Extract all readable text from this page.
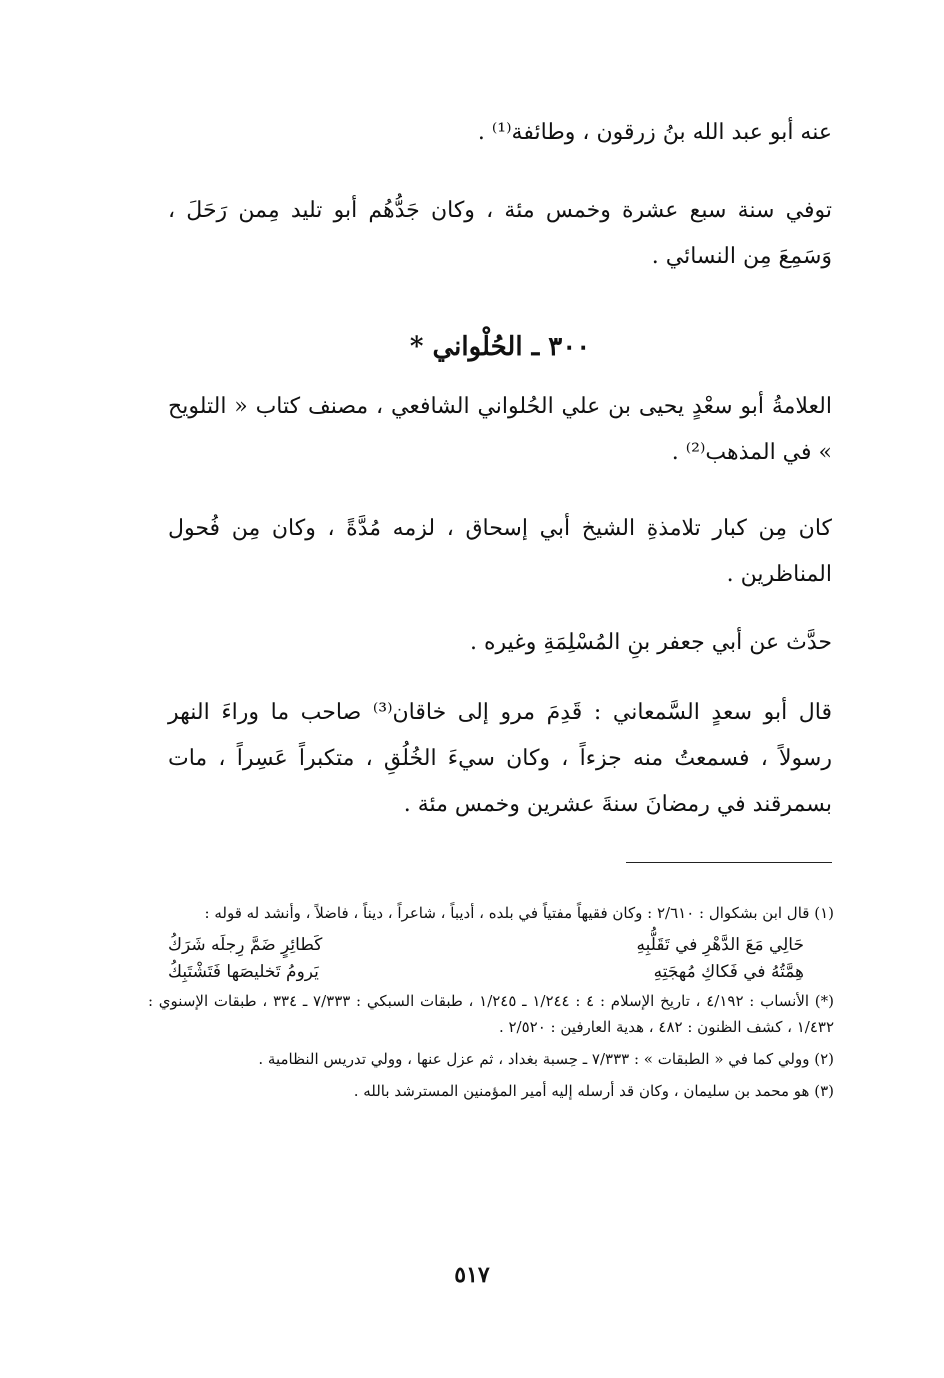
عنه أبو عبد الله بنُ زرقون ، وطائفة⁽¹⁾ .

توفي سنة سبع عشرة وخمس مئة ، وكان جَدُّهُم أبو تليد مِمن رَحَلَ ، وَسَمِعَ مِن النسائي .

٣٠٠ ـ الحُلْواني *

العلامةُ أبو سعْدٍ يحيى بن علي الحُلواني الشافعي ، مصنف كتاب « التلويح » في المذهب⁽²⁾ .

كان مِن كبار تلامذةِ الشيخ أبي إسحاق ، لزمه مُدَّةً ، وكان مِن فُحول المناظرين .

حدَّث عن أبي جعفر بنِ المُسْلِمَةِ وغيره .

قال أبو سعدٍ السَّمعاني : قَدِمَ مرو إلى خاقان⁽³⁾ صاحب ما وراءَ النهر رسولاً ، فسمعتُ منه جزءاً ، وكان سيءَ الخُلُقِ ، متكبراً عَسِراً ، مات بسمرقند في رمضانَ سنةَ عشرين وخمس مئة .

(١) قال ابن بشكوال : ٢/٦١٠ : وكان فقيهاً مفتياً في بلده ، أديباً ، شاعراً ، ديناً ، فاضلاً ، وأنشد له قوله :

حَالِي مَعَ الدَّهْرِ في تَقَلُّبِهِ
كَطائِرٍ ضَمَّ رِجلَه شَرَكُ
هِمَّتُهُ في فَكاكِ مُهجَتِهِ
يَرومُ تَخليصَها فَتَشْتَبِكُ

(*) الأنساب : ٤/١٩٢ ، تاريخ الإسلام : ٤ : ١/٢٤٤ ـ ١/٢٤٥ ، طبقات السبكي : ٧/٣٣٣ ـ ٣٣٤ ، طبقات الإسنوي : ١/٤٣٢ ، كشف الظنون : ٤٨٢ ، هدية العارفين : ٢/٥٢٠ .

(٢) وولي كما في « الطبقات » : ٧/٣٣٣ ـ حِسبة بغداد ، ثم عزل عنها ، وولي تدريس النظامية .

(٣) هو محمد بن سليمان ، وكان قد أرسله إليه أمير المؤمنين المسترشد بالله .

٥١٧
